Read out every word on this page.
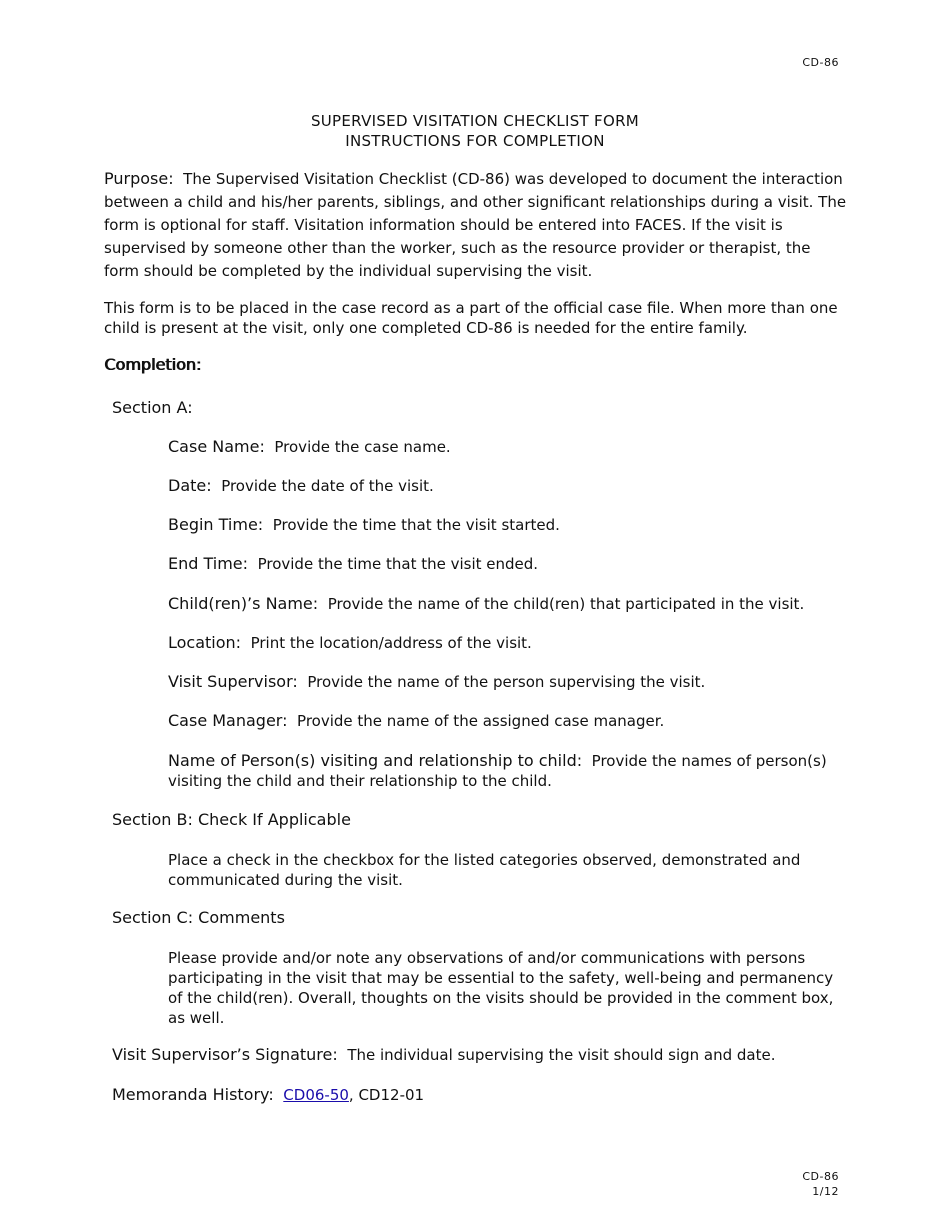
CD-86
SUPERVISED VISITATION CHECKLIST FORM
INSTRUCTIONS FOR COMPLETION
Purpose: The Supervised Visitation Checklist (CD-86) was developed to document the interaction between a child and his/her parents, siblings, and other significant relationships during a visit. The form is optional for staff. Visitation information should be entered into FACES. If the visit is supervised by someone other than the worker, such as the resource provider or therapist, the form should be completed by the individual supervising the visit.
This form is to be placed in the case record as a part of the official case file. When more than one child is present at the visit, only one completed CD-86 is needed for the entire family.
Completion:
Section A:
Case Name: Provide the case name.
Date: Provide the date of the visit.
Begin Time: Provide the time that the visit started.
End Time: Provide the time that the visit ended.
Child(ren)’s Name: Provide the name of the child(ren) that participated in the visit.
Location: Print the location/address of the visit.
Visit Supervisor: Provide the name of the person supervising the visit.
Case Manager: Provide the name of the assigned case manager.
Name of Person(s) visiting and relationship to child: Provide the names of person(s) visiting the child and their relationship to the child.
Section B: Check If Applicable
Place a check in the checkbox for the listed categories observed, demonstrated and communicated during the visit.
Section C: Comments
Please provide and/or note any observations of and/or communications with persons participating in the visit that may be essential to the safety, well-being and permanency of the child(ren). Overall, thoughts on the visits should be provided in the comment box, as well.
Visit Supervisor’s Signature: The individual supervising the visit should sign and date.
Memoranda History: CD06-50, CD12-01
CD-86
1/12
